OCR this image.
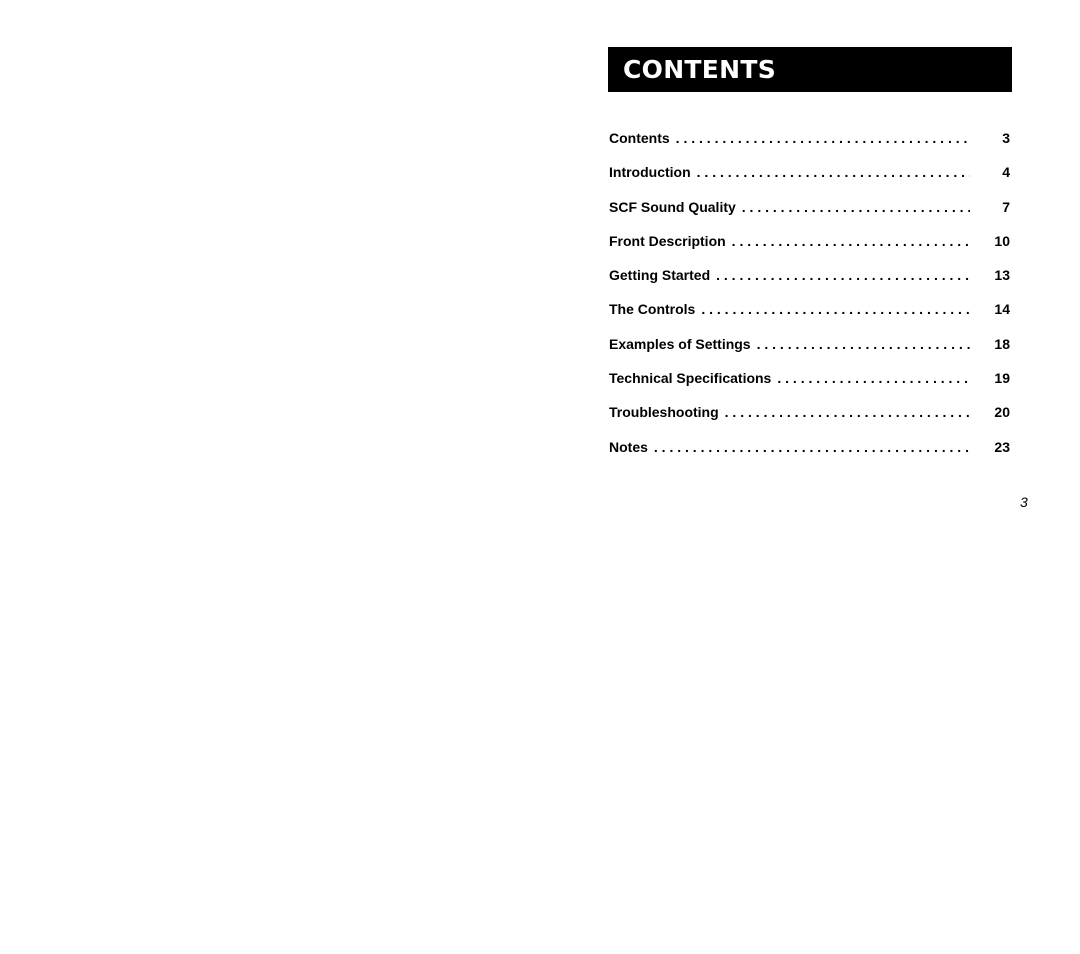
CONTENTS
Contents . . .	3
Introduction . . .	4
SCF Sound Quality . . .	7
Front Description . . .	10
Getting Started . . .	13
The Controls . . .	14
Examples of Settings . . .	18
Technical Specifications . . .	19
Troubleshooting . . .	20
Notes . . .	23
3
